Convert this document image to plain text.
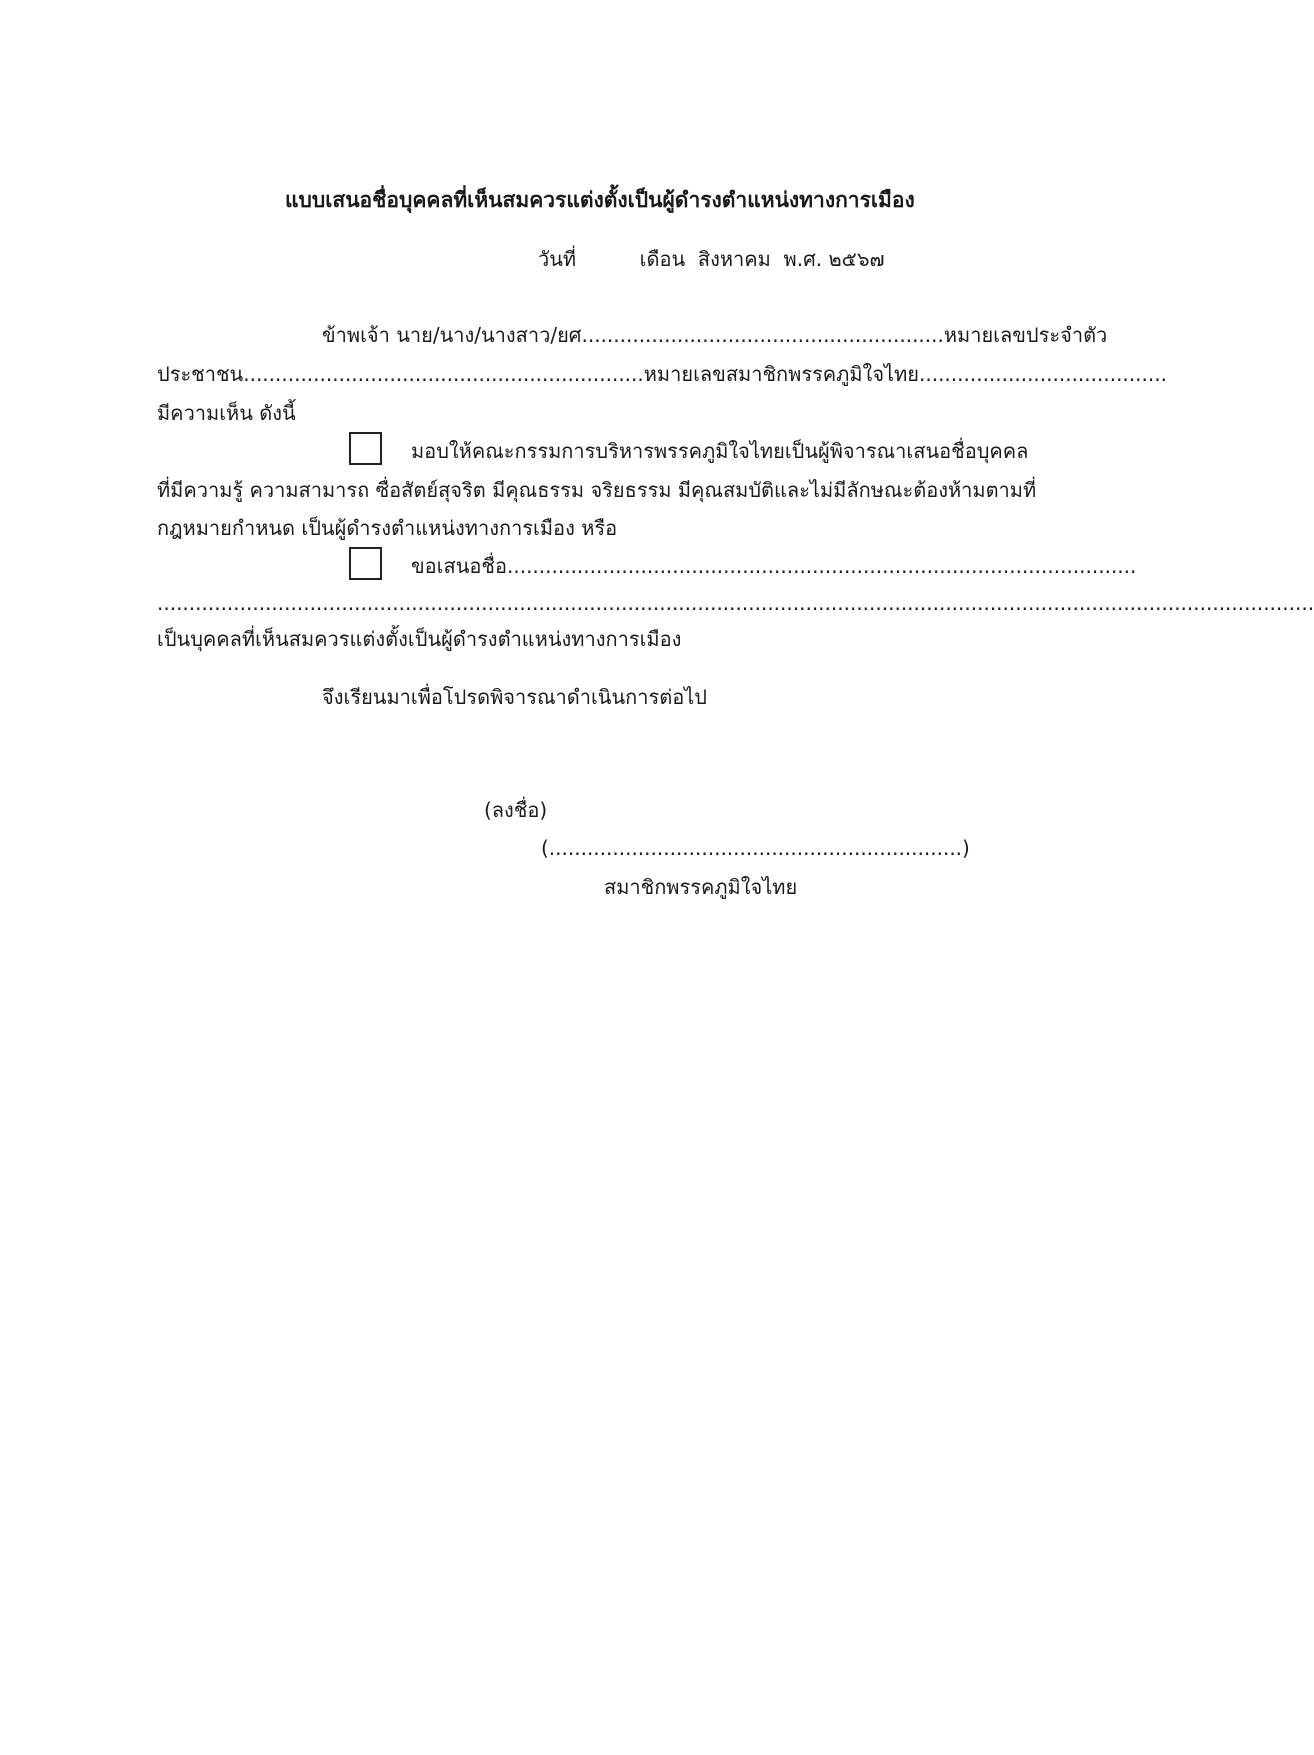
แบบเสนอชื่อบุคคลที่เห็นสมควรแต่งตั้งเป็นผู้ดำรงตำแหน่งทางการเมือง
วันที่          เดือน  สิงหาคม  พ.ศ. ๒๕๖๗
ข้าพเจ้า นาย/นาง/นางสาว/ยศ.........................................................หมายเลขประจำตัว
ประชาชน...............................................................หมายเลขสมาชิกพรรคภูมิใจไทย.......................................
มีความเห็น ดังนี้
มอบให้คณะกรรมการบริหารพรรคภูมิใจไทยเป็นผู้พิจารณาเสนอชื่อบุคคล
ที่มีความรู้ ความสามารถ ซื่อสัตย์สุจริต มีคุณธรรม จริยธรรม มีคุณสมบัติและไม่มีลักษณะต้องห้ามตามที่
กฎหมายกำหนด เป็นผู้ดำรงตำแหน่งทางการเมือง หรือ
ขอเสนอชื่อ...................................................................................................
......................................................................................................................................................................................
เป็นบุคคลที่เห็นสมควรแต่งตั้งเป็นผู้ดำรงตำแหน่งทางการเมือง
จึงเรียนมาเพื่อโปรดพิจารณาดำเนินการต่อไป
(ลงชื่อ)
(.................................................................)
สมาชิกพรรคภูมิใจไทย
